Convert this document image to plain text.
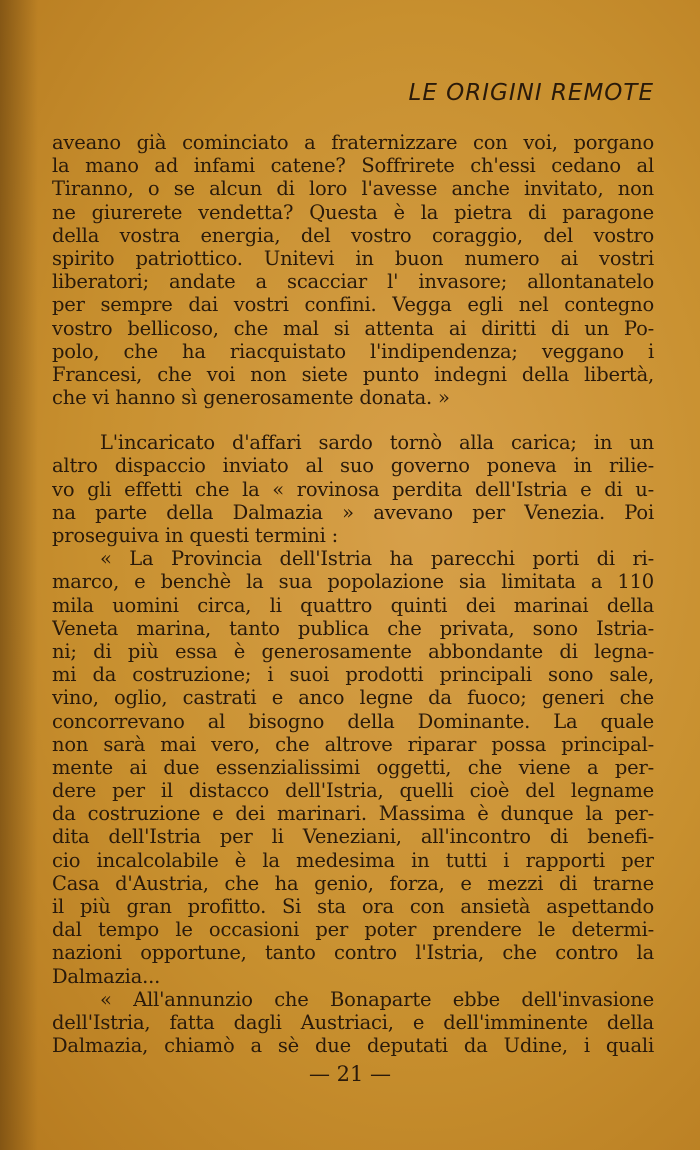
LE ORIGINI REMOTE
aveano già cominciato a fraternizzare con voi, porgano
la mano ad infami catene? Soffrirete ch'essi cedano al
Tiranno, o se alcun di loro l'avesse anche invitato, non
ne giurerete vendetta? Questa è la pietra di paragone
della vostra energia, del vostro coraggio, del vostro
spirito patriottico. Unitevi in buon numero ai vostri
liberatori; andate a scacciar l' invasore; allontanatelo
per sempre dai vostri confini. Vegga egli nel contegno
vostro bellicoso, che mal si attenta ai diritti di un Po-
polo, che ha riacquistato l'indipendenza; veggano i
Francesi, che voi non siete punto indegni della libertà,
che vi hanno sì generosamente donata. »
L'incaricato d'affari sardo tornò alla carica; in un
altro dispaccio inviato al suo governo poneva in rilie-
vo gli effetti che la « rovinosa perdita dell'Istria e di u-
na parte della Dalmazia » avevano per Venezia. Poi
proseguiva in questi termini :
« La Provincia dell'Istria ha parecchi porti di ri-
marco, e benchè la sua popolazione sia limitata a 110
mila uomini circa, li quattro quinti dei marinai della
Veneta marina, tanto publica che privata, sono Istria-
ni; di più essa è generosamente abbondante di legna-
mi da costruzione; i suoi prodotti principali sono sale,
vino, oglio, castrati e anco legne da fuoco; generi che
concorrevano al bisogno della Dominante. La quale
non sarà mai vero, che altrove riparar possa principal-
mente ai due essenzialissimi oggetti, che viene a per-
dere per il distacco dell'Istria, quelli cioè del legname
da costruzione e dei marinari. Massima è dunque la per-
dita dell'Istria per li Veneziani, all'incontro di benefi-
cio incalcolabile è la medesima in tutti i rapporti per
Casa d'Austria, che ha genio, forza, e mezzi di trarne
il più gran profitto. Si sta ora con ansietà aspettando
dal tempo le occasioni per poter prendere le determi-
nazioni opportune, tanto contro l'Istria, che contro la
Dalmazia...
« All'annunzio che Bonaparte ebbe dell'invasione
dell'Istria, fatta dagli Austriaci, e dell'imminente della
Dalmazia, chiamò a sè due deputati da Udine, i quali
— 21 —
